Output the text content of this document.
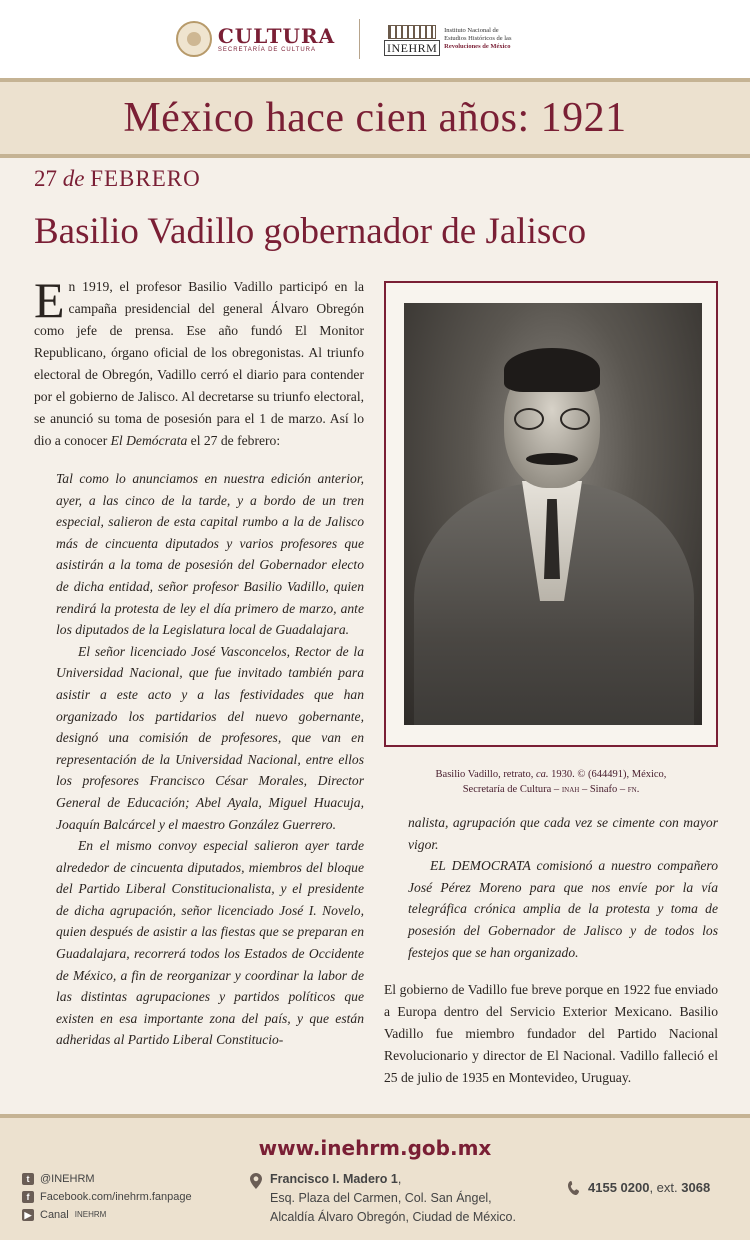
CULTURA
SECRETARÍA DE CULTURA	INEHRM
Instituto Nacional de
Estudios Históricos de las
Revoluciones de México
México hace cien años: 1921
27 de FEBRERO
Basilio Vadillo gobernador de Jalisco

En 1919, el profesor Basilio Vadillo participó en la campaña presidencial del general Álvaro Obregón como jefe de prensa. Ese año fundó El Monitor Republicano, órgano oficial de los obregonistas. Al triunfo electoral de Obregón, Vadillo cerró el diario para contender por el gobierno de Jalisco. Al decretarse su triunfo electoral, se anunció su toma de posesión para el 1 de marzo. Así lo dio a conocer El Demócrata el 27 de febrero:

Tal como lo anunciamos en nuestra edición anterior, ayer, a las cinco de la tarde, y a bordo de un tren especial, salieron de esta capital rumbo a la de Jalisco más de cincuenta diputados y varios profesores que asistirán a la toma de posesión del Gobernador electo de dicha entidad, señor profesor Basilio Vadillo, quien rendirá la protesta de ley el día primero de marzo, ante los diputados de la Legislatura local de Guadalajara.

El señor licenciado José Vasconcelos, Rector de la Universidad Nacional, que fue invitado también para asistir a este acto y a las festividades que han organizado los partidarios del nuevo gobernante, designó una comisión de profesores, que van en representación de la Universidad Nacional, entre ellos los profesores Francisco César Morales, Director General de Educación; Abel Ayala, Miguel Huacuja, Joaquín Balcárcel y el maestro González Guerrero.

En el mismo convoy especial salieron ayer tarde alrededor de cincuenta diputados, miembros del bloque del Partido Liberal Constitucionalista, y el presidente de dicha agrupación, señor licenciado José I. Novelo, quien después de asistir a las fiestas que se preparan en Guadalajara, recorrerá todos los Estados de Occidente de México, a fin de reorganizar y coordinar la labor de las distintas agrupaciones y partidos políticos que existen en esa importante zona del país, y que están adheridas al Partido Liberal Constitucio-

Basilio Vadillo, retrato, ca. 1930. © (644491), México,
Secretaría de Cultura – inah – Sinafo – fn.

nalista, agrupación que cada vez se cimente con mayor vigor.

EL DEMOCRATA comisionó a nuestro compañero José Pérez Moreno para que nos envíe por la vía telegráfica crónica amplia de la protesta y toma de posesión del Gobernador de Jalisco y de todos los festejos que se han organizado.

El gobierno de Vadillo fue breve porque en 1922 fue enviado a Europa dentro del Servicio Exterior Mexicano. Basilio Vadillo fue miembro fundador del Partido Nacional Revolucionario y director de El Nacional. Vadillo falleció el 25 de julio de 1935 en Montevideo, Uruguay.

www.inehrm.gob.mx
t @INEHRM
f Facebook.com/inehrm.fanpage
▶ Canal INEHRM
Francisco I. Madero 1,
Esq. Plaza del Carmen, Col. San Ángel,
Alcaldía Álvaro Obregón, Ciudad de México.
4155 0200, ext. 3068
